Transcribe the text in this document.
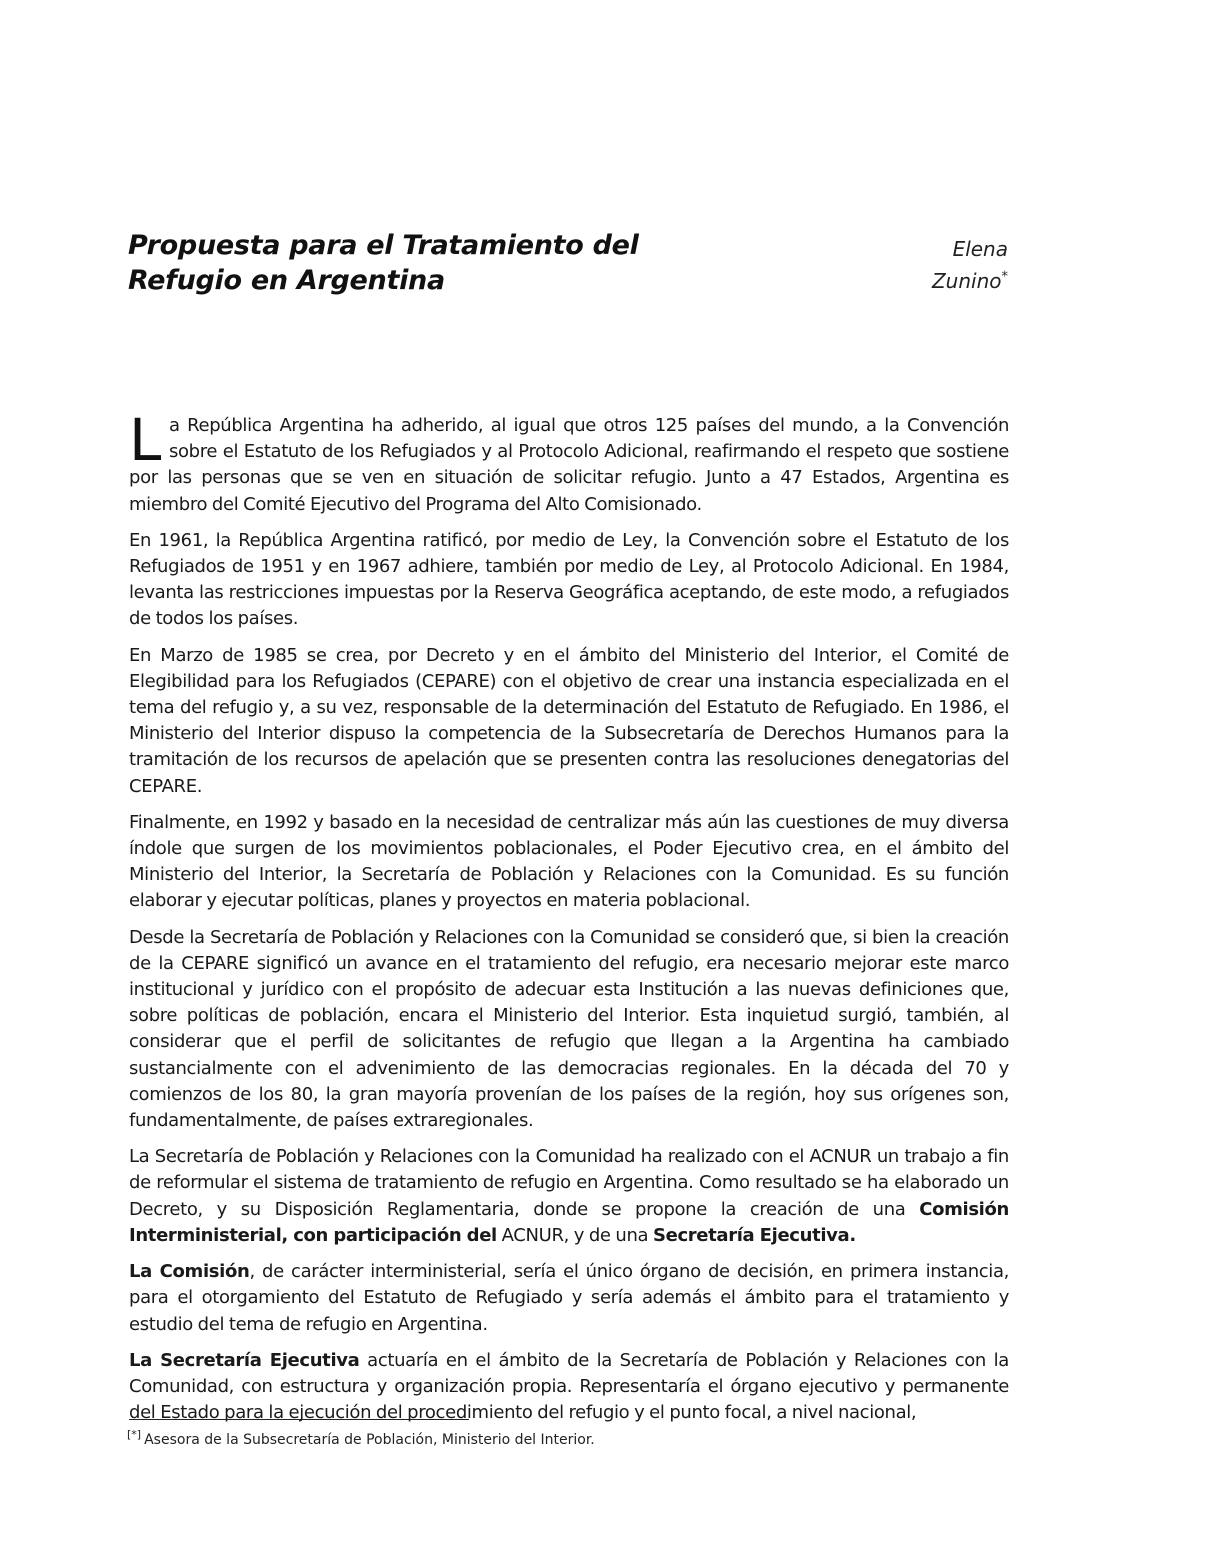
Propuesta para el Tratamiento del
Refugio en Argentina
Elena
Zunino*

La República Argentina ha adherido, al igual que otros 125 países del mundo, a la Convención sobre el Estatuto de los Refugiados y al Protocolo Adicional, reafirmando el respeto que sostiene por las personas que se ven en situación de solicitar refugio. Junto a 47 Estados, Argentina es miembro del Comité Ejecutivo del Programa del Alto Comisionado.

En 1961, la República Argentina ratificó, por medio de Ley, la Convención sobre el Estatuto de los Refugiados de 1951 y en 1967 adhiere, también por medio de Ley, al Protocolo Adicional. En 1984, levanta las restricciones impuestas por la Reserva Geográfica aceptando, de este modo, a refugiados de todos los países.

En Marzo de 1985 se crea, por Decreto y en el ámbito del Ministerio del Interior, el Comité de Elegibilidad para los Refugiados (CEPARE) con el objetivo de crear una instancia especializada en el tema del refugio y, a su vez, responsable de la determinación del Estatuto de Refugiado. En 1986, el Ministerio del Interior dispuso la competencia de la Subsecretaría de Derechos Humanos para la tramitación de los recursos de apelación que se presenten contra las resoluciones denegatorias del CEPARE.

Finalmente, en 1992 y basado en la necesidad de centralizar más aún las cuestiones de muy diversa índole que surgen de los movimientos poblacionales, el Poder Ejecutivo crea, en el ámbito del Ministerio del Interior, la Secretaría de Población y Relaciones con la Comunidad. Es su función elaborar y ejecutar políticas, planes y proyectos en materia poblacional.

Desde la Secretaría de Población y Relaciones con la Comunidad se consideró que, si bien la creación de la CEPARE significó un avance en el tratamiento del refugio, era necesario mejorar este marco institucional y jurídico con el propósito de adecuar esta Institución a las nuevas definiciones que, sobre políticas de población, encara el Ministerio del Interior. Esta inquietud surgió, también, al considerar que el perfil de solicitantes de refugio que llegan a la Argentina ha cambiado sustancialmente con el advenimiento de las democracias regionales. En la década del 70 y comienzos de los 80, la gran mayoría provenían de los países de la región, hoy sus orígenes son, fundamentalmente, de países extraregionales.

La Secretaría de Población y Relaciones con la Comunidad ha realizado con el ACNUR un trabajo a fin de reformular el sistema de tratamiento de refugio en Argentina. Como resultado se ha elaborado un Decreto, y su Disposición Reglamentaria, donde se propone la creación de una Comisión Interministerial, con participación del ACNUR, y de una Secretaría Ejecutiva.

La Comisión, de carácter interministerial, sería el único órgano de decisión, en primera instancia, para el otorgamiento del Estatuto de Refugiado y sería además el ámbito para el tratamiento y estudio del tema de refugio en Argentina.

La Secretaría Ejecutiva actuaría en el ámbito de la Secretaría de Población y Relaciones con la Comunidad, con estructura y organización propia. Representaría el órgano ejecutivo y permanente del Estado para la ejecución del procedimiento del refugio y el punto focal, a nivel nacional,

[*] Asesora de la Subsecretaría de Población, Ministerio del Interior.
